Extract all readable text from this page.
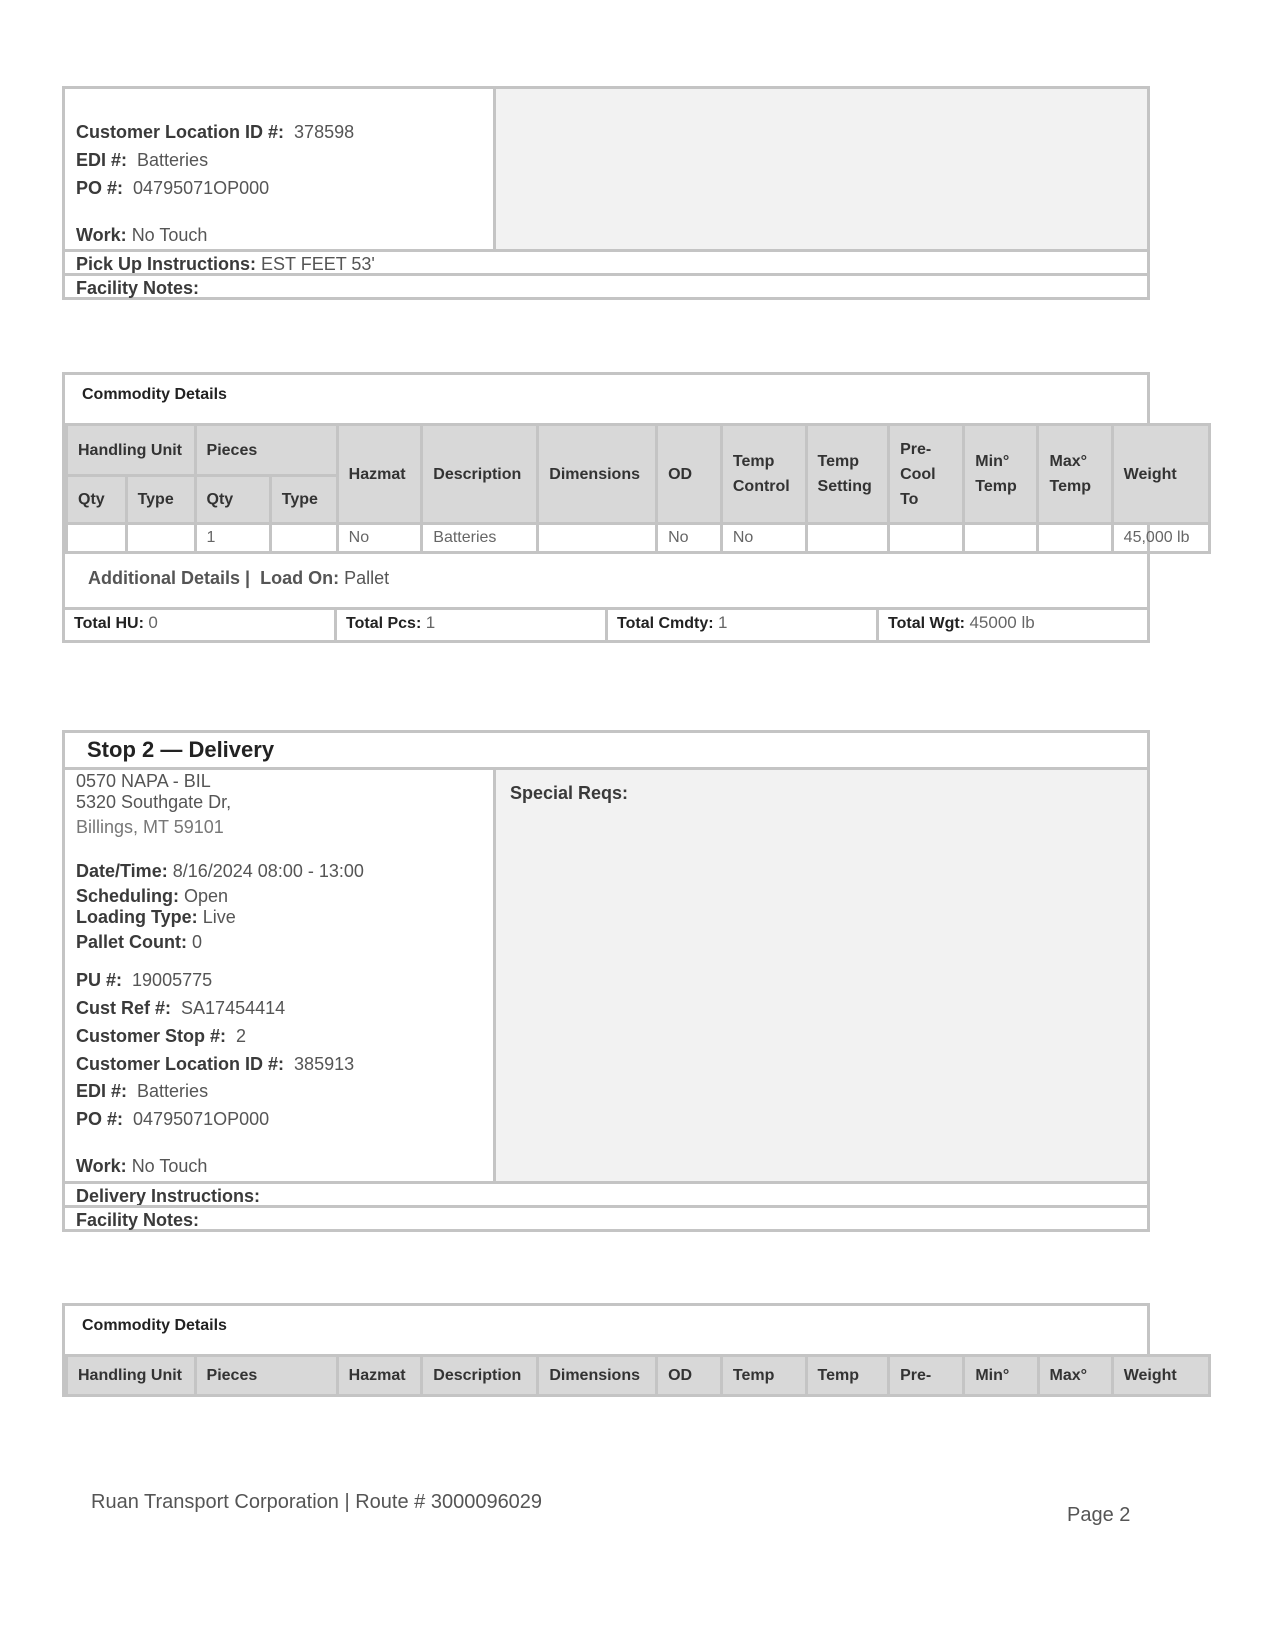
Customer Location ID #: 378598
EDI #: Batteries
PO #: 04795071OP000
Work: No Touch
Pick Up Instructions: EST FEET 53'
Facility Notes:
Commodity Details
Handling Unit		Pieces		Hazmat	Description	Dimensions	OD	Temp Control	Temp Setting	Pre-Cool To	Min° Temp	Max° Temp	Weight
Qty	Type	Qty	Type										
		1		No	Batteries		No	No					45,000 lb
Additional Details | Load On: Pallet
Total HU: 0	Total Pcs: 1	Total Cmdty: 1	Total Wgt: 45000 lb
Stop 2 — Delivery
Special Reqs:
0570 NAPA - BIL
5320 Southgate Dr,
Billings, MT 59101
Date/Time: 8/16/2024 08:00 - 13:00
Scheduling: Open
Loading Type: Live
Pallet Count: 0
PU #: 19005775
Cust Ref #: SA17454414
Customer Stop #: 2
Customer Location ID #: 385913
EDI #: Batteries
PO #: 04795071OP000
Work: No Touch
Delivery Instructions:
Facility Notes:
Commodity Details
Handling Unit	Pieces	Hazmat	Description	Dimensions	OD	Temp	Temp	Pre-	Min°	Max°	Weight
Ruan Transport Corporation | Route # 3000096029
Page 2
